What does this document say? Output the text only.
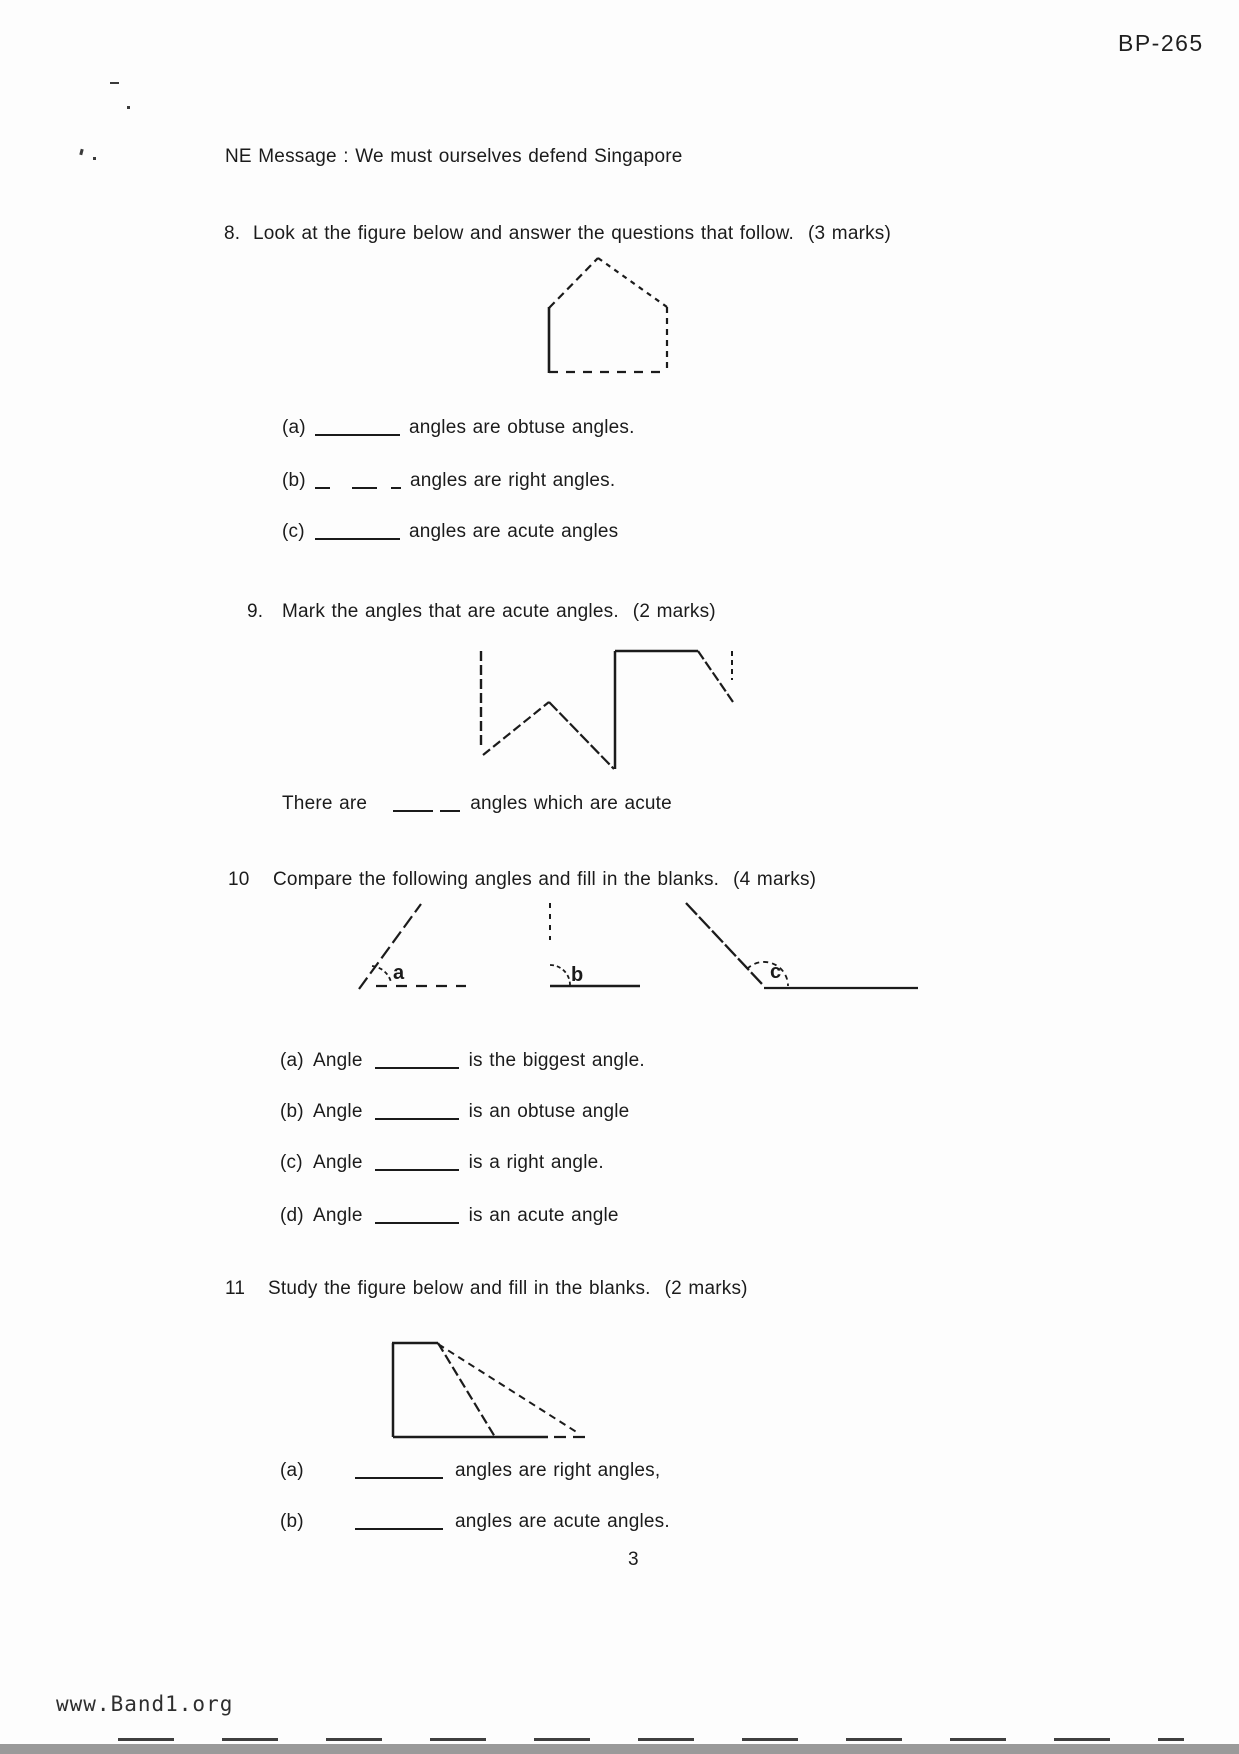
a	b	c
BP-265
NE Message : We must ourselves defend Singapore
8. Look at the figure below and answer the questions that follow. (3 marks)
(a)	angles are obtuse angles.
(b)	angles are right angles.
(c)	angles are acute angles
9. Mark the angles that are acute angles. (2 marks)
There are	angles which are acute
10 Compare the following angles and fill in the blanks. (4 marks)
(a) Angle	is the biggest angle.
(b) Angle	is an obtuse angle
(c) Angle	is a right angle.
(d) Angle	is an acute angle
11 Study the figure below and fill in the blanks. (2 marks)
(a)	angles are right angles,
(b)	angles are acute angles.
3
www.Band1.org
